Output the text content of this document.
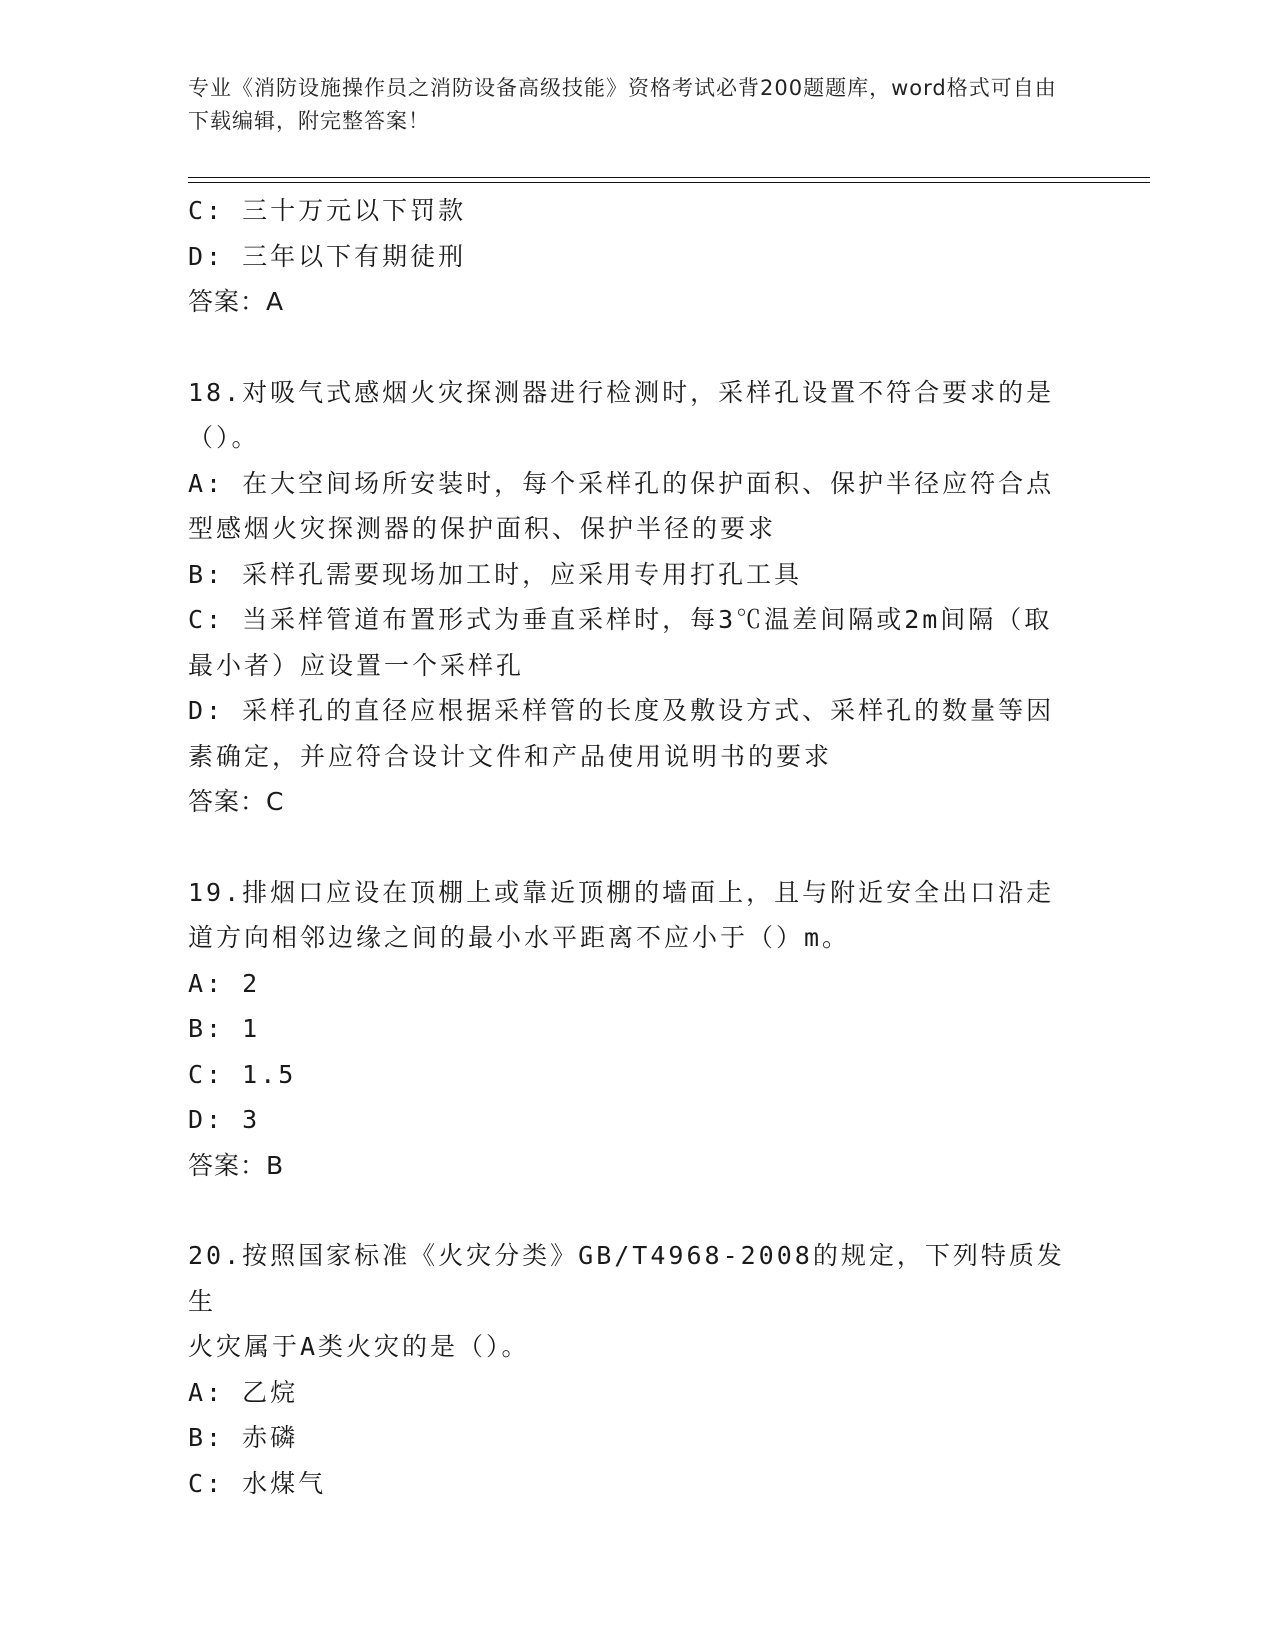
专业《消防设施操作员之消防设备高级技能》资格考试必背200题题库，word格式可自由下载编辑，附完整答案！

C: 三十万元以下罚款

D: 三年以下有期徒刑

答案：A

18.对吸气式感烟火灾探测器进行检测时，采样孔设置不符合要求的是

（）。

A: 在大空间场所安装时，每个采样孔的保护面积、保护半径应符合点

型感烟火灾探测器的保护面积、保护半径的要求

B: 采样孔需要现场加工时，应采用专用打孔工具

C: 当采样管道布置形式为垂直采样时，每3℃温差间隔或2m间隔（取

最小者）应设置一个采样孔

D: 采样孔的直径应根据采样管的长度及敷设方式、采样孔的数量等因

素确定，并应符合设计文件和产品使用说明书的要求

答案：C

19.排烟口应设在顶棚上或靠近顶棚的墙面上，且与附近安全出口沿走

道方向相邻边缘之间的最小水平距离不应小于（）m。

A: 2

B: 1

C: 1.5

D: 3

答案：B

20.按照国家标准《火灾分类》GB/T4968-2008的规定，下列特质发生

火灾属于A类火灾的是（）。

A: 乙烷

B: 赤磷

C: 水煤气
